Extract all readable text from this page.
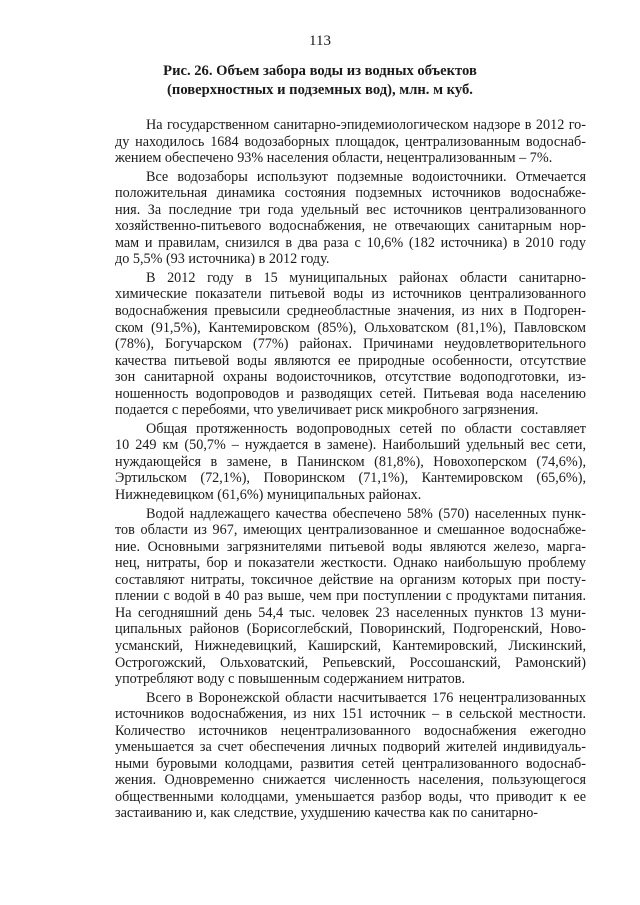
113
Рис. 26. Объем забора воды из водных объектов
(поверхностных и подземных вод), млн. м куб.
На государственном санитарно-эпидемиологическом надзоре в 2012 го-
ду находилось 1684 водозаборных площадок, централизованным водоснаб-
жением обеспечено 93% населения области, нецентрализованным – 7%.
Все водозаборы используют подземные водоисточники. Отмечается
положительная динамика состояния подземных источников водоснабже-
ния. За последние три года удельный вес источников централизованного
хозяйственно-питьевого водоснабжения, не отвечающих санитарным нор-
мам и правилам, снизился в два раза с 10,6% (182 источника) в 2010 году
до 5,5% (93 источника) в 2012 году.
В 2012 году в 15 муниципальных районах области санитарно-
химические показатели питьевой воды из источников централизованного
водоснабжения превысили среднеобластные значения, из них в Подгорен-
ском (91,5%), Кантемировском (85%), Ольховатском (81,1%), Павловском
(78%), Богучарском (77%) районах. Причинами неудовлетворительного
качества питьевой воды являются ее природные особенности, отсутствие
зон санитарной охраны водоисточников, отсутствие водоподготовки, из-
ношенность водопроводов и разводящих сетей. Питьевая вода населению
подается с перебоями, что увеличивает риск микробного загрязнения.
Общая протяженность водопроводных сетей по области составляет
10 249 км (50,7% – нуждается в замене). Наибольший удельный вес сети,
нуждающейся в замене, в Панинском (81,8%), Новохоперском (74,6%),
Эртильском (72,1%), Поворинском (71,1%), Кантемировском (65,6%),
Нижнедевицком (61,6%) муниципальных районах.
Водой надлежащего качества обеспечено 58% (570) населенных пунк-
тов области из 967, имеющих централизованное и смешанное водоснабже-
ние. Основными загрязнителями питьевой воды являются железо, марга-
нец, нитраты, бор и показатели жесткости. Однако наибольшую проблему
составляют нитраты, токсичное действие на организм которых при посту-
плении с водой в 40 раз выше, чем при поступлении с продуктами питания.
На сегодняшний день 54,4 тыс. человек 23 населенных пунктов 13 муни-
ципальных районов (Борисоглебский, Поворинский, Подгоренский, Ново-
усманский, Нижнедевицкий, Каширский, Кантемировский, Лискинский,
Острогожский, Ольховатский, Репьевский, Россошанский, Рамонский)
употребляют воду с повышенным содержанием нитратов.
Всего в Воронежской области насчитывается 176 нецентрализованных
источников водоснабжения, из них 151 источник – в сельской местности.
Количество источников нецентрализованного водоснабжения ежегодно
уменьшается за счет обеспечения личных подворий жителей индивидуаль-
ными буровыми колодцами, развития сетей централизованного водоснаб-
жения. Одновременно снижается численность населения, пользующегося
общественными колодцами, уменьшается разбор воды, что приводит к ее
застаиванию и, как следствие, ухудшению качества как по санитарно-
